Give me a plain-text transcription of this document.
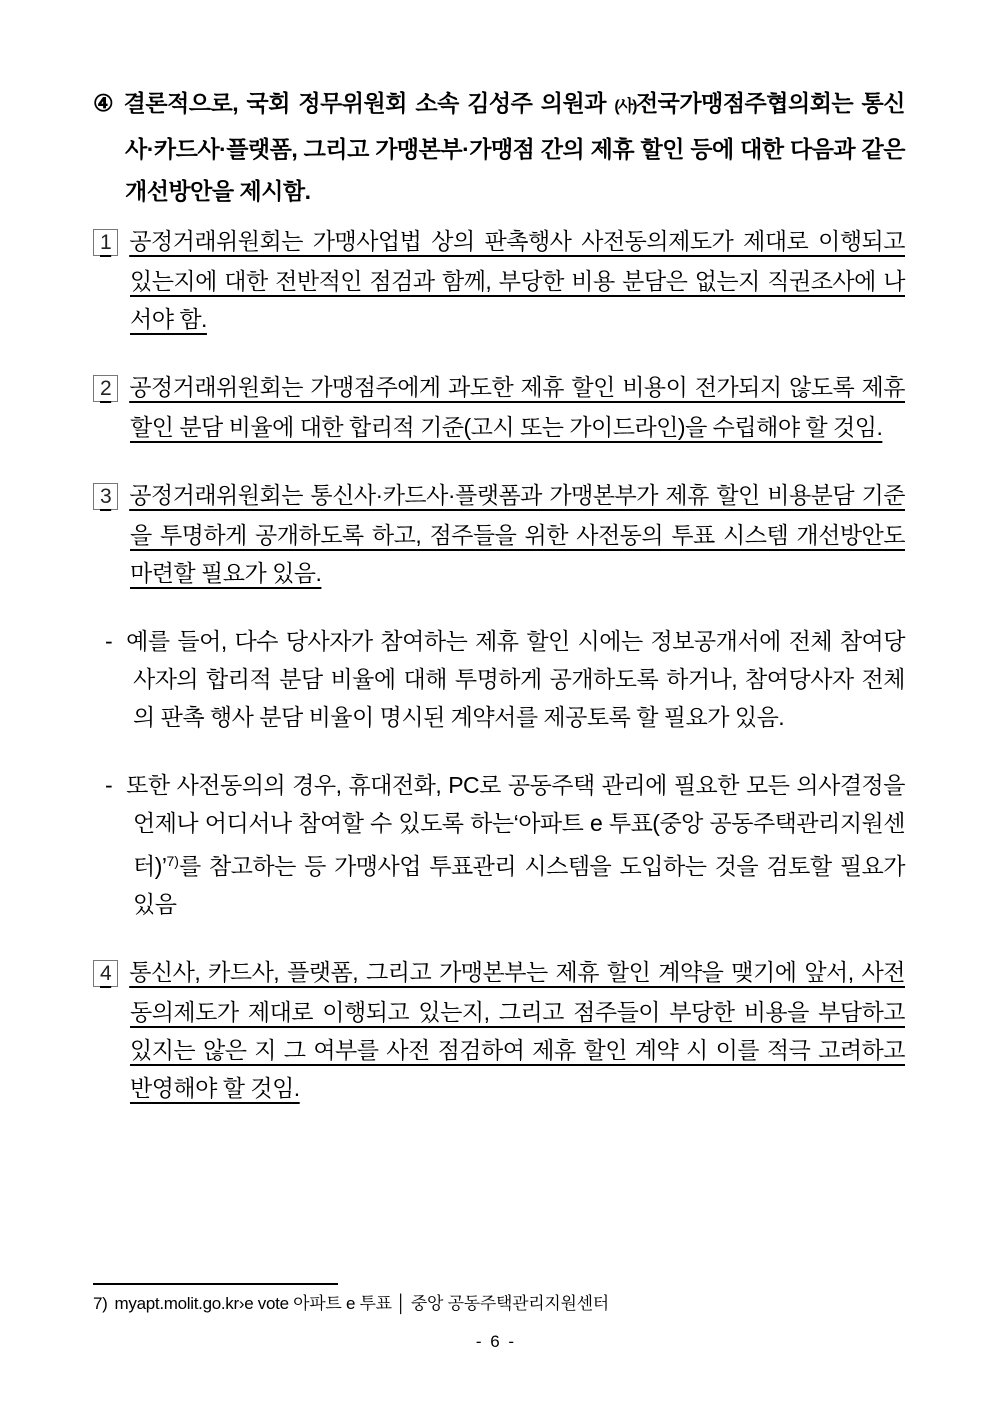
④ 결론적으로, 국회 정무위원회 소속 김성주 의원과 (사)전국가맹점주협의회는 통신사·카드사·플랫폼, 그리고 가맹본부·가맹점 간의 제휴 할인 등에 대한 다음과 같은 개선방안을 제시함.

1 공정거래위원회는 가맹사업법 상의 판촉행사 사전동의제도가 제대로 이행되고 있는지에 대한 전반적인 점검과 함께, 부당한 비용 분담은 없는지 직권조사에 나서야 함.

2 공정거래위원회는 가맹점주에게 과도한 제휴 할인 비용이 전가되지 않도록 제휴 할인 분담 비율에 대한 합리적 기준(고시 또는 가이드라인)을 수립해야 할 것임.

3 공정거래위원회는 통신사·카드사·플랫폼과 가맹본부가 제휴 할인 비용분담 기준을 투명하게 공개하도록 하고, 점주들을 위한 사전동의 투표 시스템 개선방안도 마련할 필요가 있음.

- 예를 들어, 다수 당사자가 참여하는 제휴 할인 시에는 정보공개서에 전체 참여당사자의 합리적 분담 비율에 대해 투명하게 공개하도록 하거나, 참여당사자 전체의 판촉 행사 분담 비율이 명시된 계약서를 제공토록 할 필요가 있음.

- 또한 사전동의의 경우, 휴대전화, PC로 공동주택 관리에 필요한 모든 의사결정을 언제나 어디서나 참여할 수 있도록 하는‘아파트 e 투표(중앙 공동주택관리지원센터)’$^{7)}$를 참고하는 등 가맹사업 투표관리 시스템을 도입하는 것을 검토할 필요가 있음

4 통신사, 카드사, 플랫폼, 그리고 가맹본부는 제휴 할인 계약을 맺기에 앞서, 사전동의제도가 제대로 이행되고 있는지, 그리고 점주들이 부당한 비용을 부담하고 있지는 않은 지 그 여부를 사전 점검하여 제휴 할인 계약 시 이를 적극 고려하고 반영해야 할 것임.

7) myapt.molit.go.kr›e vote 아파트 e 투표 │ 중앙 공동주택관리지원센터
- 6 -
